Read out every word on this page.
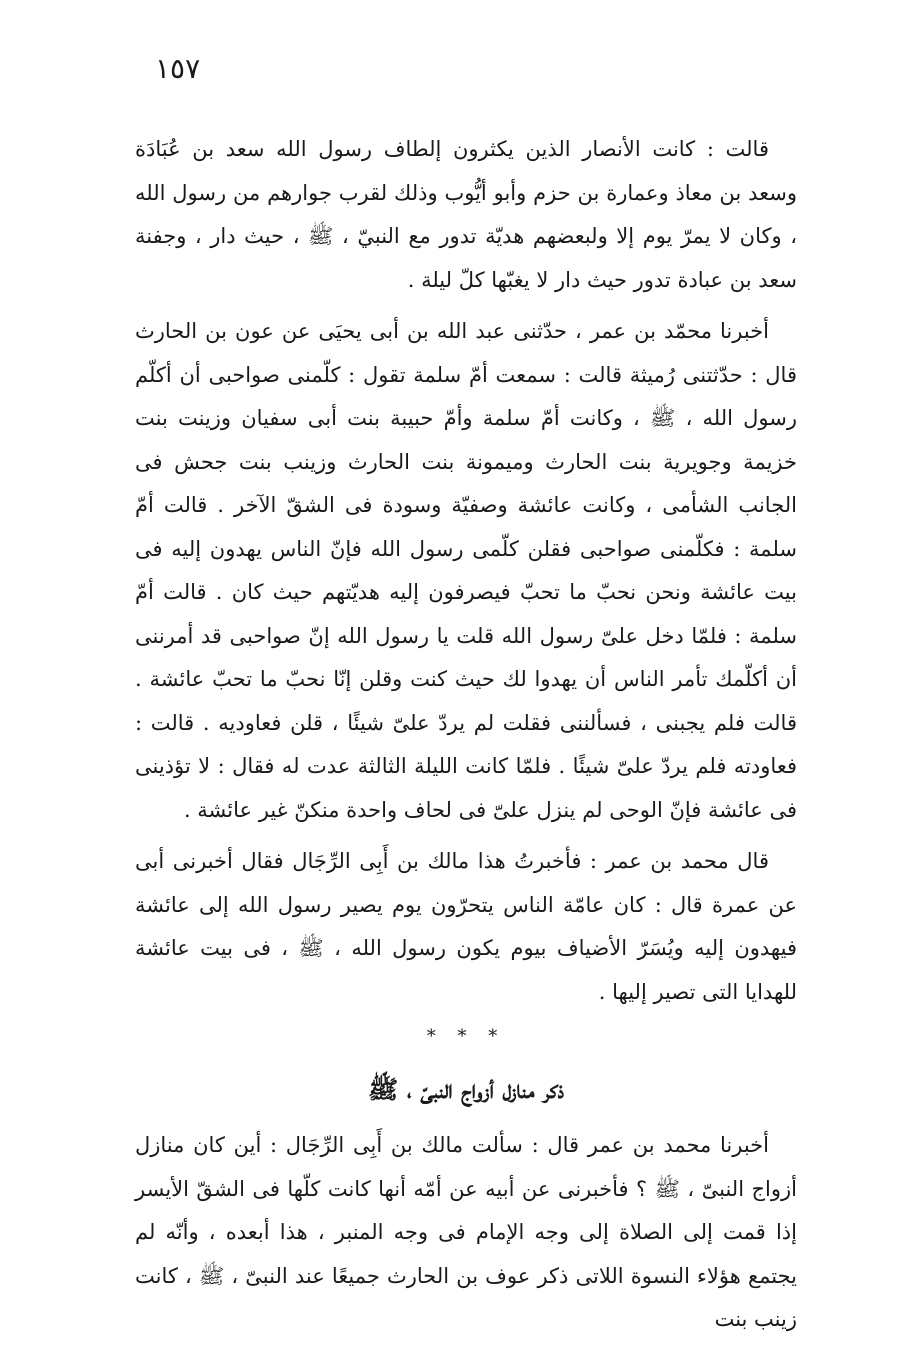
١٥٧

قالت : كانت الأنصار الذين يكثرون إلطاف رسول الله سعد بن عُبَادَة وسعد بن معاذ وعمارة بن حزم وأبو أيُّوب وذلك لقرب جوارهم من رسول الله ، وكان لا يمرّ يوم إلا ولبعضهم هديّة تدور مع النبيّ ، ﷺ ، حيث دار ، وجفنة سعد بن عبادة تدور حيث دار لا يغبّها كلّ ليلة .

أخبرنا محمّد بن عمر ، حدّثنى عبد الله بن أبى يحيَى عن عون بن الحارث قال : حدّثتنى رُميثة قالت : سمعت أمّ سلمة تقول : كلّمنى صواحبى أن أكلّم رسول الله ، ﷺ ، وكانت أمّ سلمة وأمّ حبيبة بنت أبى سفيان وزينت بنت خزيمة وجويرية بنت الحارث وميمونة بنت الحارث وزينب بنت جحش فى الجانب الشأمى ، وكانت عائشة وصفيّة وسودة فى الشقّ الآخر . قالت أمّ سلمة : فكلّمنى صواحبى فقلن كلّمى رسول الله فإنّ الناس يهدون إليه فى بيت عائشة ونحن نحبّ ما تحبّ فيصرفون إليه هديّتهم حيث كان . قالت أمّ سلمة : فلمّا دخل علىّ رسول الله قلت يا رسول الله إنّ صواحبى قد أمرننى أن أكلّمك تأمر الناس أن يهدوا لك حيث كنت وقلن إنّا نحبّ ما تحبّ عائشة . قالت فلم يجبنى ، فسألننى فقلت لم يردّ علىّ شيئًا ، قلن فعاوديه . قالت : فعاودته فلم يردّ علىّ شيئًا . فلمّا كانت الليلة الثالثة عدت له فقال : لا تؤذينى فى عائشة فإنّ الوحى لم ينزل علىّ فى لحاف واحدة منكنّ غير عائشة .

قال محمد بن عمر : فأخبرتُ هذا مالك بن أَبِى الرِّجَال فقال أخبرنى أبى عن عمرة قال : كان عامّة الناس يتحرّون يوم يصير رسول الله إلى عائشة فيهدون إليه ويُسَرّ الأضياف بيوم يكون رسول الله ، ﷺ ، فى بيت عائشة للهدايا التى تصير إليها .

* * *
ذكر منازل أزواج النبىّ ، ﷺ

أخبرنا محمد بن عمر قال : سألت مالك بن أَبِى الرِّجَال : أين كان منازل أزواج النبىّ ، ﷺ ؟ فأخبرنى عن أبيه عن أمّه أنها كانت كلّها فى الشقّ الأيسر إذا قمت إلى الصلاة إلى وجه الإمام فى وجه المنبر ، هذا أبعده ، وأنّه لم يجتمع هؤلاء النسوة اللاتى ذكر عوف بن الحارث جميعًا عند النبىّ ، ﷺ ، كانت زينب بنت
